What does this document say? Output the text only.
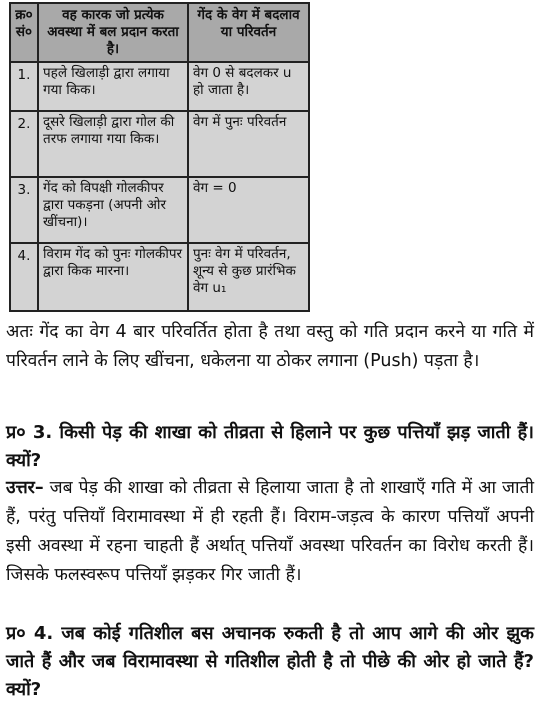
क्र० सं०	वह कारक जो प्रत्येक अवस्था में बल प्रदान करता है।	गेंद के वेग में बदलाव या परिवर्तन
1.	पहले खिलाड़ी द्वारा लगाया गया किक।	वेग 0 से बदलकर u हो जाता है।
2.	दूसरे खिलाड़ी द्वारा गोल की तरफ लगाया गया किक।	वेग में पुनः परिवर्तन
3.	गेंद को विपक्षी गोलकीपर द्वारा पकड़ना (अपनी ओर खींचना)।	वेग = 0
4.	विराम गेंद को पुनः गोलकीपर द्वारा किक मारना।	पुनः वेग में परिवर्तन, शून्य से कुछ प्रारंभिक वेग u₁

अतः गेंद का वेग 4 बार परिवर्तित होता है तथा वस्तु को गति प्रदान करने या गति में परिवर्तन लाने के लिए खींचना, धकेलना या ठोकर लगाना (Push) पड़ता है।

प्र० 3. किसी पेड़ की शाखा को तीव्रता से हिलाने पर कुछ पत्तियाँ झड़ जाती हैं। क्यों?

उत्तर– जब पेड़ की शाखा को तीव्रता से हिलाया जाता है तो शाखाएँ गति में आ जाती हैं, परंतु पत्तियाँ विरामावस्था में ही रहती हैं। विराम-जड़त्व के कारण पत्तियाँ अपनी इसी अवस्था में रहना चाहती हैं अर्थात् पत्तियाँ अवस्था परिवर्तन का विरोध करती हैं। जिसके फलस्वरूप पत्तियाँ झड़कर गिर जाती हैं।

प्र० 4. जब कोई गतिशील बस अचानक रुकती है तो आप आगे की ओर झुक जाते हैं और जब विरामावस्था से गतिशील होती है तो पीछे की ओर हो जाते हैं? क्यों?
